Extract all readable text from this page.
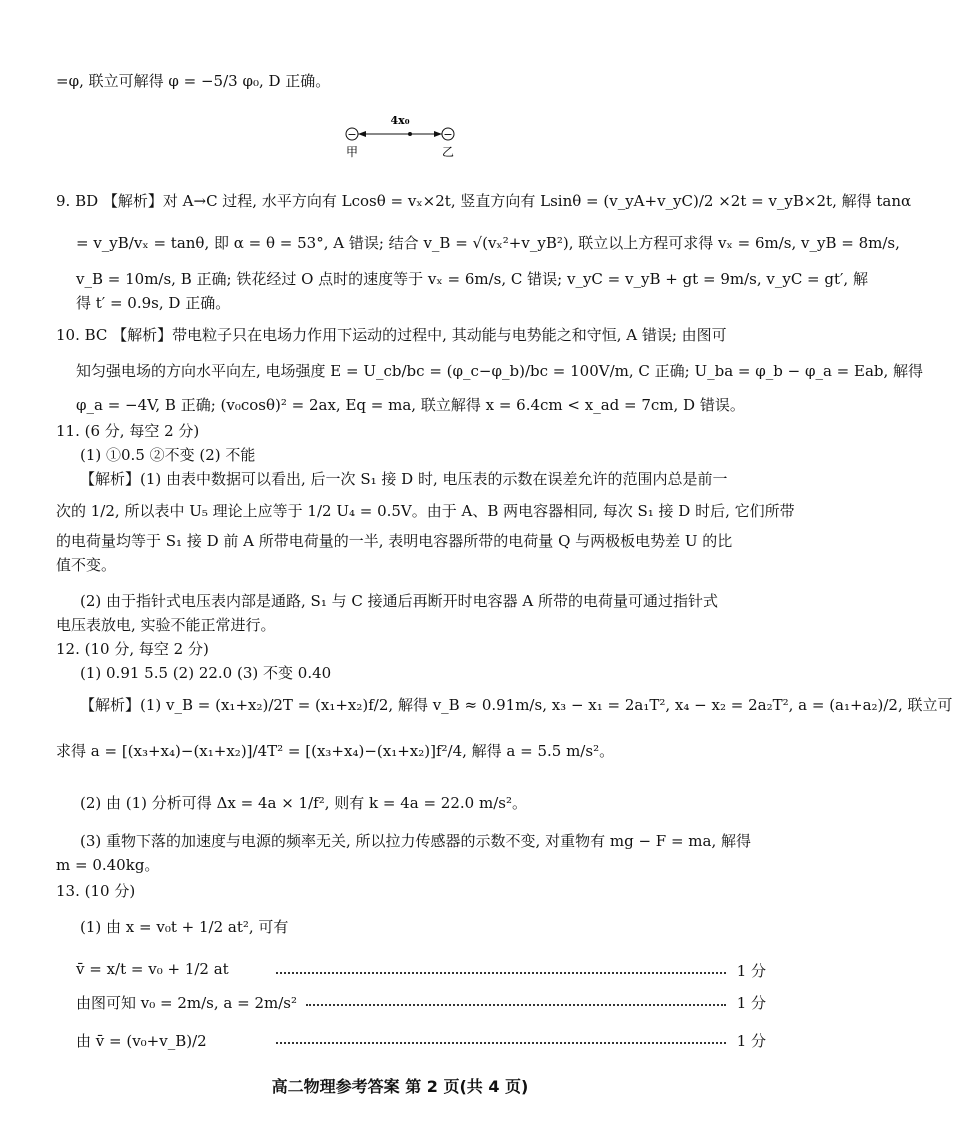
=φ, 联立可解得 φ = −5/3 φ₀, D 正确。
4x₀
−	−
甲	乙
9. BD 【解析】对 A→C 过程, 水平方向有 Lcosθ = vₓ×2t, 竖直方向有 Lsinθ = (v_yA+v_yC)/2 ×2t = v_yB×2t, 解得 tanα
= v_yB/vₓ = tanθ, 即 α = θ = 53°, A 错误; 结合 v_B = √(vₓ²+v_yB²), 联立以上方程可求得 vₓ = 6m/s, v_yB = 8m/s,
v_B = 10m/s, B 正确; 铁花经过 O 点时的速度等于 vₓ = 6m/s, C 错误; v_yC = v_yB + gt = 9m/s, v_yC = gt′, 解
得 t′ = 0.9s, D 正确。
10. BC 【解析】带电粒子只在电场力作用下运动的过程中, 其动能与电势能之和守恒, A 错误; 由图可
知匀强电场的方向水平向左, 电场强度 E = U_cb/bc = (φ_c−φ_b)/bc = 100V/m, C 正确; U_ba = φ_b − φ_a = Eab, 解得
φ_a = −4V, B 正确; (v₀cosθ)² = 2ax, Eq = ma, 联立解得 x = 6.4cm < x_ad = 7cm, D 错误。
11. (6 分, 每空 2 分)
(1) ①0.5 ②不变 (2) 不能
【解析】(1) 由表中数据可以看出, 后一次 S₁ 接 D 时, 电压表的示数在误差允许的范围内总是前一
次的 1/2, 所以表中 U₅ 理论上应等于 1/2 U₄ = 0.5V。由于 A、B 两电容器相同, 每次 S₁ 接 D 时后, 它们所带
的电荷量均等于 S₁ 接 D 前 A 所带电荷量的一半, 表明电容器所带的电荷量 Q 与两极板电势差 U 的比
值不变。
(2) 由于指针式电压表内部是通路, S₁ 与 C 接通后再断开时电容器 A 所带的电荷量可通过指针式
电压表放电, 实验不能正常进行。
12. (10 分, 每空 2 分)
(1) 0.91 5.5 (2) 22.0 (3) 不变 0.40
【解析】(1) v_B = (x₁+x₂)/2T = (x₁+x₂)f/2, 解得 v_B ≈ 0.91m/s, x₃ − x₁ = 2a₁T², x₄ − x₂ = 2a₂T², a = (a₁+a₂)/2, 联立可
求得 a = [(x₃+x₄)−(x₁+x₂)]/4T² = [(x₃+x₄)−(x₁+x₂)]f²/4, 解得 a = 5.5 m/s²。
(2) 由 (1) 分析可得 Δx = 4a × 1/f², 则有 k = 4a = 22.0 m/s²。
(3) 重物下落的加速度与电源的频率无关, 所以拉力传感器的示数不变, 对重物有 mg − F = ma, 解得
m = 0.40kg。
13. (10 分)
(1) 由 x = v₀t + 1/2 at², 可有
v̄ = x/t = v₀ + 1/2 at	1 分
由图可知 v₀ = 2m/s, a = 2m/s²	1 分
由 v̄ = (v₀+v_B)/2	1 分
高二物理参考答案 第 2 页(共 4 页)
